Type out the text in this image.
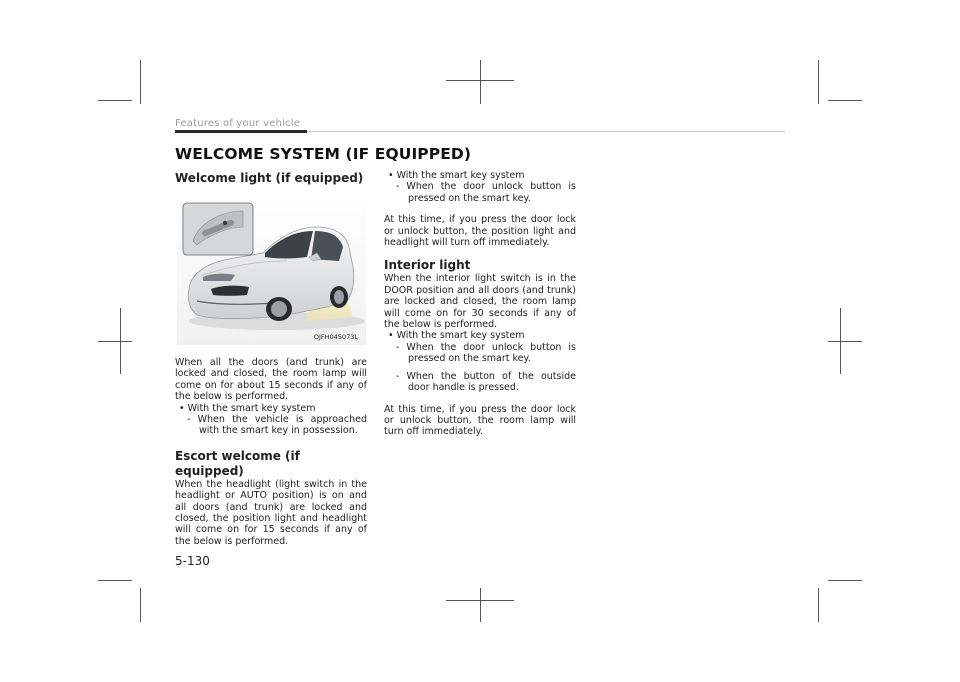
Features of your vehicle
WELCOME SYSTEM (IF EQUIPPED)

Welcome light (if equipped)

OJFH045073L

When all the doors (and trunk) are locked and closed, the room lamp will come on for about 15 seconds if any of the below is performed.

• With the smart key system

- When the vehicle is approached with the smart key in possession.

Escort welcome (if equipped)

When the headlight (light switch in the headlight or AUTO position) is on and all doors (and trunk) are locked and closed, the position light and headlight will come on for 15 seconds if any of the below is performed.

• With the smart key system

- When the door unlock button is pressed on the smart key.

At this time, if you press the door lock or unlock button, the position light and headlight will turn off immediately.

Interior light

When the interior light switch is in the DOOR position and all doors (and trunk) are locked and closed, the room lamp will come on for 30 seconds if any of the below is performed.

• With the smart key system

- When the door unlock button is pressed on the smart key.

- When the button of the outside door handle is pressed.

At this time, if you press the door lock or unlock button, the room lamp will turn off immediately.

5-130
